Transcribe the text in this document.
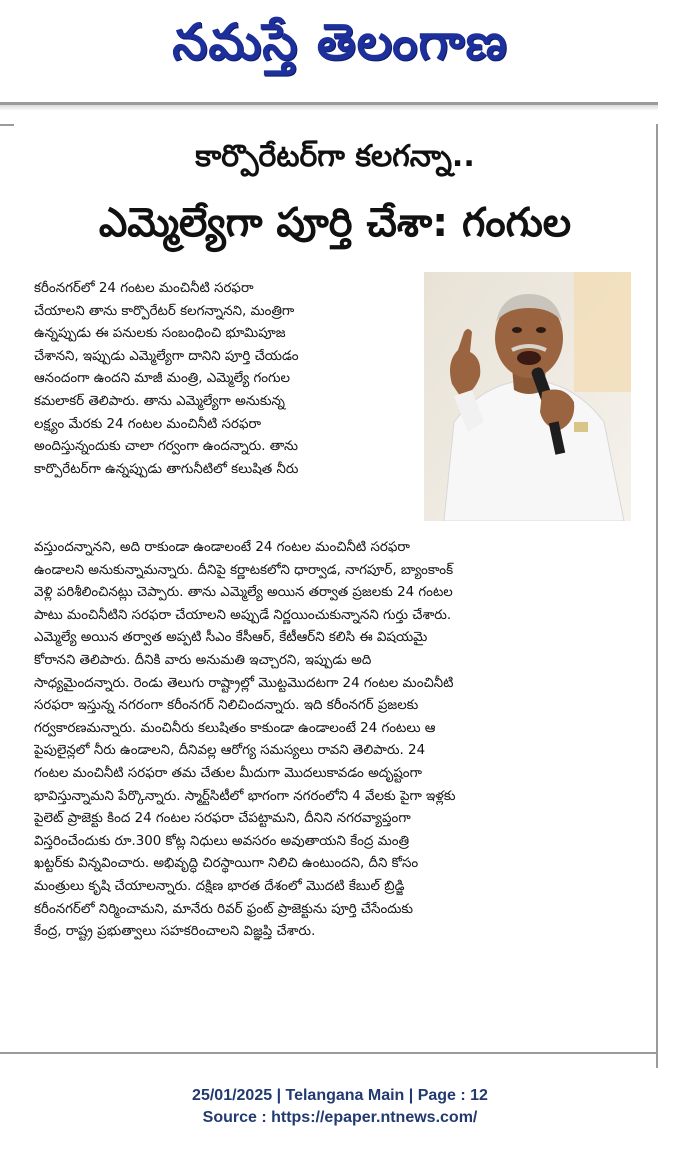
నమస్తే తెలంగాణ
కార్పొరేటర్‌గా కలగన్నా..
ఎమ్మెల్యేగా పూర్తి చేశా: గంగుల
కరీంనగర్‌లో 24 గంటల మంచినీటి సరఫరా
చేయాలని తాను కార్పొరేటర్ కలగన్నానని, మంత్రిగా
ఉన్నప్పుడు ఈ పనులకు సంబంధించి భూమిపూజ
చేశానని, ఇప్పుడు ఎమ్మెల్యేగా దానిని పూర్తి చేయడం
ఆనందంగా ఉందని మాజీ మంత్రి, ఎమ్మెల్యే గంగుల
కమలాకర్ తెలిపారు. తాను ఎమ్మెల్యేగా అనుకున్న
లక్ష్యం మేరకు 24 గంటల మంచినీటి సరఫరా
అందిస్తున్నందుకు చాలా గర్వంగా ఉందన్నారు. తాను
కార్పొరేటర్‌గా ఉన్నప్పుడు తాగునీటిలో కలుషిత నీరు
వస్తుందన్నానని, అది రాకుండా ఉండాలంటే 24 గంటల మంచినీటి సరఫరా
ఉండాలని అనుకున్నామన్నారు. దీనిపై కర్ణాటకలోని ధార్వాడ, నాగపూర్, బ్యాంకాంక్
వెళ్లి పరిశీలించినట్లు చెప్పారు. తాను ఎమ్మెల్యే అయిన తర్వాత ప్రజలకు 24 గంటల
పాటు మంచినీటిని సరఫరా చేయాలని అప్పుడే నిర్ణయించుకున్నానని గుర్తు చేశారు.
ఎమ్మెల్యే అయిన తర్వాత అప్పటి సీఎం కేసీఆర్, కేటీఆర్‌ని కలిసి ఈ విషయమై
కోరానని తెలిపారు. దీనికి వారు అనుమతి ఇచ్చారని, ఇప్పుడు అది
సాధ్యమైందన్నారు. రెండు తెలుగు రాష్ట్రాల్లో మొట్టమొదటగా 24 గంటల మంచినీటి
సరఫరా ఇస్తున్న నగరంగా కరీంనగర్ నిలిచిందన్నారు. ఇది కరీంనగర్ ప్రజలకు
గర్వకారణమన్నారు. మంచినీరు కలుషితం కాకుండా ఉండాలంటే 24 గంటలు ఆ
పైపులైన్లలో నీరు ఉండాలని, దీనివల్ల ఆరోగ్య సమస్యలు రావని తెలిపారు. 24
గంటల మంచినీటి సరఫరా తమ చేతుల మీదుగా మొదలుకావడం అదృష్టంగా
భావిస్తున్నామని పేర్కొన్నారు. స్మార్ట్‌సిటీలో భాగంగా నగరంలోని 4 వేలకు పైగా ఇళ్లకు
పైలెట్ ప్రాజెక్టు కింద 24 గంటల సరఫరా చేపట్టామని, దీనిని నగరవ్యాప్తంగా
విస్తరించేందుకు రూ.300 కోట్ల నిధులు అవసరం అవుతాయని కేంద్ర మంత్రి
ఖట్టర్‌కు విన్నవించారు. అభివృద్ధి చిరస్థాయిగా నిలిచి ఉంటుందని, దీని కోసం
మంత్రులు కృషి చేయాలన్నారు. దక్షిణ భారత దేశంలో మొదటి కేబుల్ బ్రిడ్జి
కరీంనగర్‌లో నిర్మించామని, మానేరు రివర్ ఫ్రంట్ ప్రాజెక్టును పూర్తి చేసేందుకు
కేంద్ర, రాష్ట్ర ప్రభుత్వాలు సహకరించాలని విజ్ఞప్తి చేశారు.
25/01/2025 | Telangana Main | Page : 12
Source : https://epaper.ntnews.com/
